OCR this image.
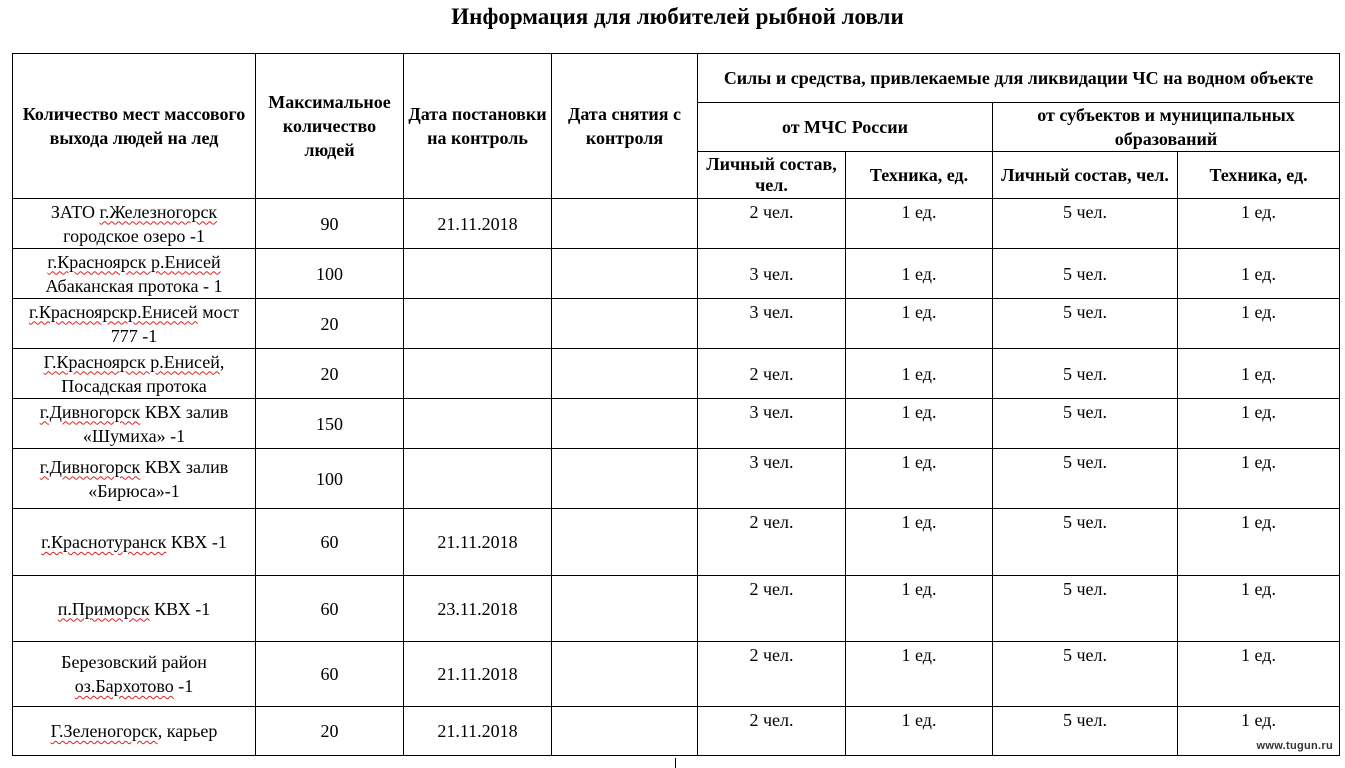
Информация для любителей рыбной ловли
Количество мест массового выхода людей на лед	Максимальное количество людей	Дата постановки на контроль	Дата снятия с контроля	Силы и средства, привлекаемые для ликвидации ЧС на водном объекте			
				от МЧС России		от субъектов и муниципальных образований	
				Личный состав, чел.	Техника, ед.	Личный состав, чел.	Техника, ед.
ЗАТО г.Железногорск городское озеро -1	90	21.11.2018		2 чел.	1 ед.	5 чел.	1 ед.
г.Красноярск р.Енисей Абаканская протока - 1	100			3 чел.	1 ед.	5 чел.	1 ед.
г.Красноярскр.Енисей мост 777 -1	20			3 чел.	1 ед.	5 чел.	1 ед.
Г.Красноярск р.Енисей, Посадская протока	20			2 чел.	1 ед.	5 чел.	1 ед.
г.Дивногорск КВХ залив «Шумиха» -1	150			3 чел.	1 ед.	5 чел.	1 ед.
г.Дивногорск КВХ залив «Бирюса»-1	100			3 чел.	1 ед.	5 чел.	1 ед.
г.Краснотуранск КВХ -1	60	21.11.2018		2 чел.	1 ед.	5 чел.	1 ед.
п.Приморск КВХ -1	60	23.11.2018		2 чел.	1 ед.	5 чел.	1 ед.
Березовский район оз.Бархотово -1	60	21.11.2018		2 чел.	1 ед.	5 чел.	1 ед.
Г.Зеленогорск, карьер	20	21.11.2018		2 чел.	1 ед.	5 чел.	1 ед.
www.tugun.ru
